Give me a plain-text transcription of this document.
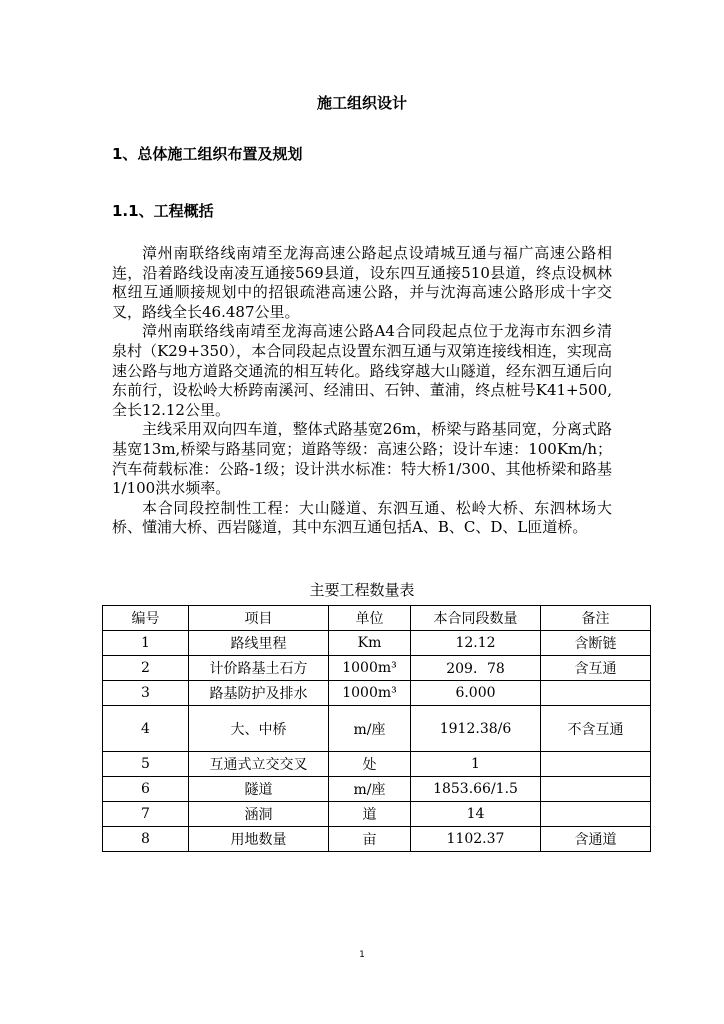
施工组织设计
1、总体施工组织布置及规划
1.1、工程概括

漳州南联络线南靖至龙海高速公路起点设靖城互通与福广高速公路相连，沿着路线设南凌互通接569县道，设东四互通接510县道，终点设枫林枢纽互通顺接规划中的招银疏港高速公路，并与沈海高速公路形成十字交叉，路线全长46.487公里。

漳州南联络线南靖至龙海高速公路A4合同段起点位于龙海市东泗乡清泉村（K29+350），本合同段起点设置东泗互通与双第连接线相连，实现高速公路与地方道路交通流的相互转化。路线穿越大山隧道，经东泗互通后向东前行，设松岭大桥跨南溪河、经浦田、石钟、董浦，终点桩号K41+500,全长12.12公里。

主线采用双向四车道，整体式路基宽26m，桥梁与路基同宽，分离式路基宽13m,桥梁与路基同宽；道路等级：高速公路；设计车速：100Km/h；汽车荷载标准：公路-1级；设计洪水标准：特大桥1/300、其他桥梁和路基1/100洪水频率。

本合同段控制性工程：大山隧道、东泗互通、松岭大桥、东泗林场大桥、懂浦大桥、西岩隧道，其中东泗互通包括A、B、C、D、L匝道桥。

主要工程数量表
编号	项目	单位	本合同段数量	备注
1	路线里程	Km	12.12	含断链
2	计价路基土石方	1000m³	209．78	含互通
3	路基防护及排水	1000m³	6.000	
4	大、中桥	m/座	1912.38/6	不含互通
5	互通式立交交叉	处	1	
6	隧道	m/座	1853.66/1.5	
7	涵洞	道	14	
8	用地数量	亩	1102.37	含通道
1
